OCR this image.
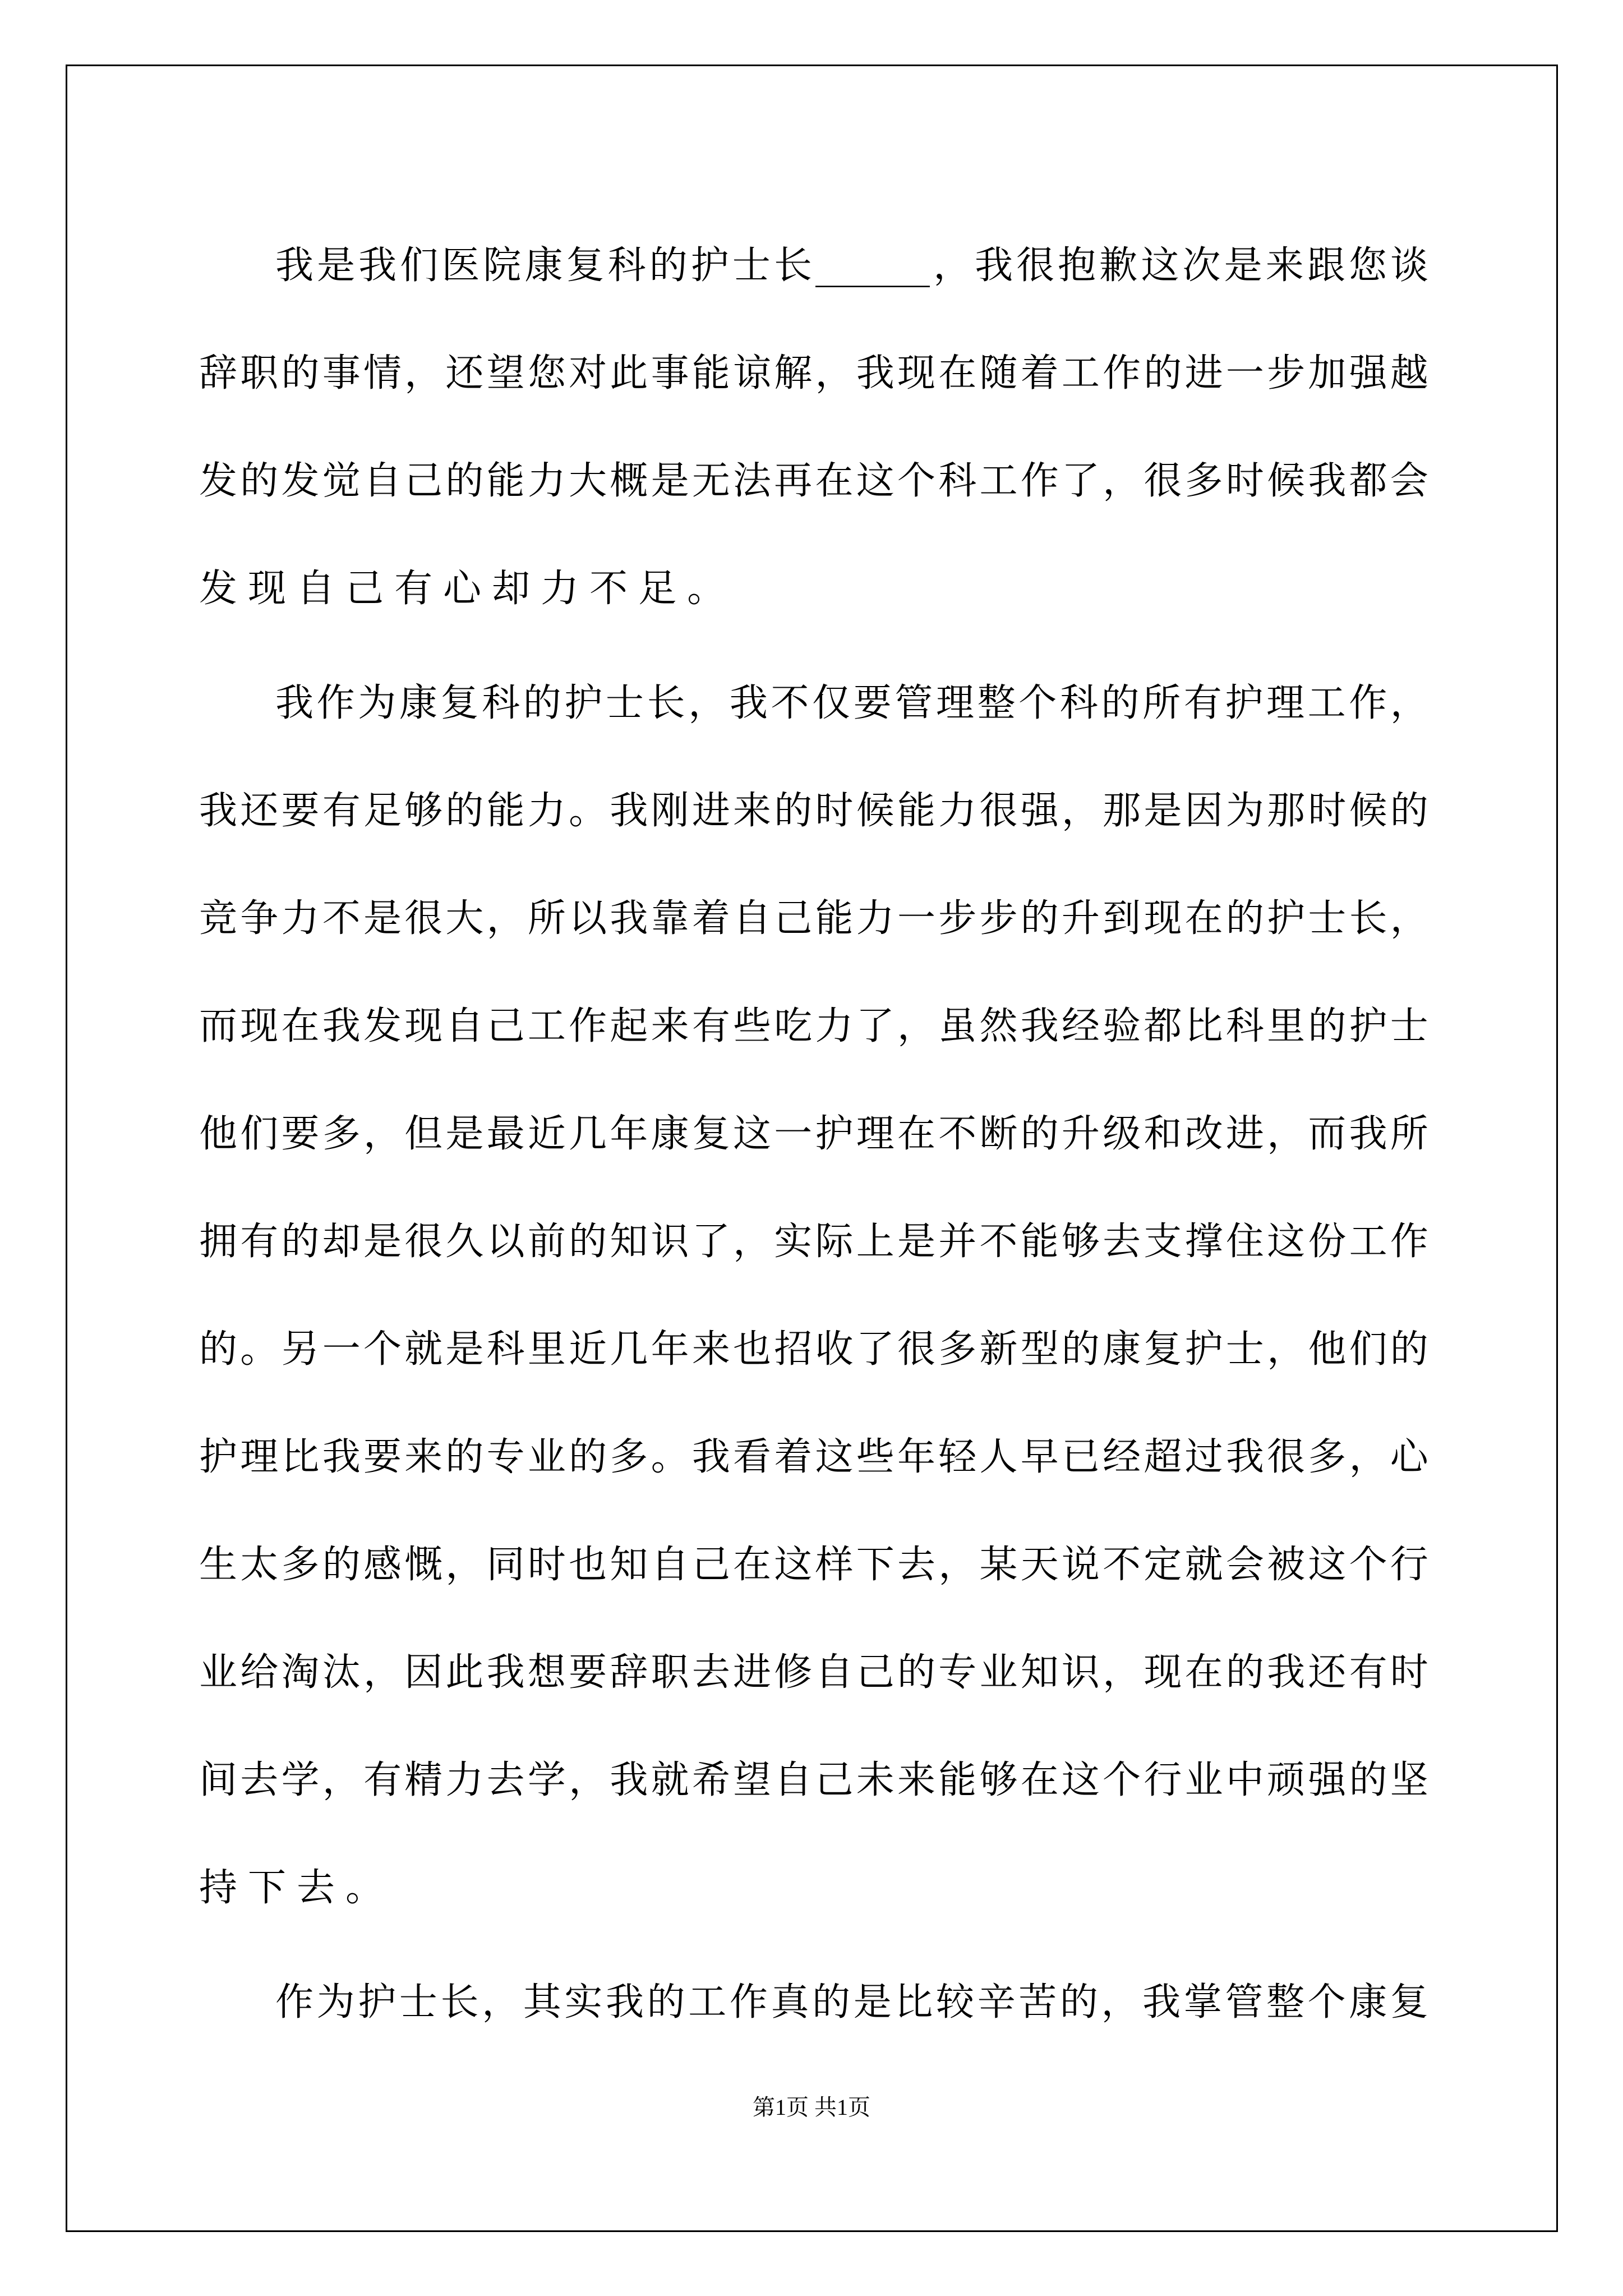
我 是 我 们 医 院 康 复 科 的 护 士 长 ______ ， 我 很 抱 歉 这 次 是 来 跟 您 谈
辞 职 的 事 情 ， 还 望 您 对 此 事 能 谅 解 ， 我 现 在 随 着 工 作 的 进 一 步 加 强 越
发 的 发 觉 自 己 的 能 力 大 概 是 无 法 再 在 这 个 科 工 作 了 ， 很 多 时 候 我 都 会
发 现 自 己 有 心 却 力 不 足 。
我 作 为 康 复 科 的 护 士 长 ， 我 不 仅 要 管 理 整 个 科 的 所 有 护 理 工 作 ，
我 还 要 有 足 够 的 能 力 。 我 刚 进 来 的 时 候 能 力 很 强 ， 那 是 因 为 那 时 候 的
竞 争 力 不 是 很 大 ， 所 以 我 靠 着 自 己 能 力 一 步 步 的 升 到 现 在 的 护 士 长 ，
而 现 在 我 发 现 自 己 工 作 起 来 有 些 吃 力 了 ， 虽 然 我 经 验 都 比 科 里 的 护 士
他 们 要 多 ， 但 是 最 近 几 年 康 复 这 一 护 理 在 不 断 的 升 级 和 改 进 ， 而 我 所
拥 有 的 却 是 很 久 以 前 的 知 识 了 ， 实 际 上 是 并 不 能 够 去 支 撑 住 这 份 工 作
的 。 另 一 个 就 是 科 里 近 几 年 来 也 招 收 了 很 多 新 型 的 康 复 护 士 ， 他 们 的
护 理 比 我 要 来 的 专 业 的 多 。 我 看 着 这 些 年 轻 人 早 已 经 超 过 我 很 多 ， 心
生 太 多 的 感 慨 ， 同 时 也 知 自 己 在 这 样 下 去 ， 某 天 说 不 定 就 会 被 这 个 行
业 给 淘 汰 ， 因 此 我 想 要 辞 职 去 进 修 自 己 的 专 业 知 识 ， 现 在 的 我 还 有 时
间 去 学 ， 有 精 力 去 学 ， 我 就 希 望 自 己 未 来 能 够 在 这 个 行 业 中 顽 强 的 坚
持 下 去 。
作 为 护 士 长 ， 其 实 我 的 工 作 真 的 是 比 较 辛 苦 的 ， 我 掌 管 整 个 康 复
第1页 共1页
